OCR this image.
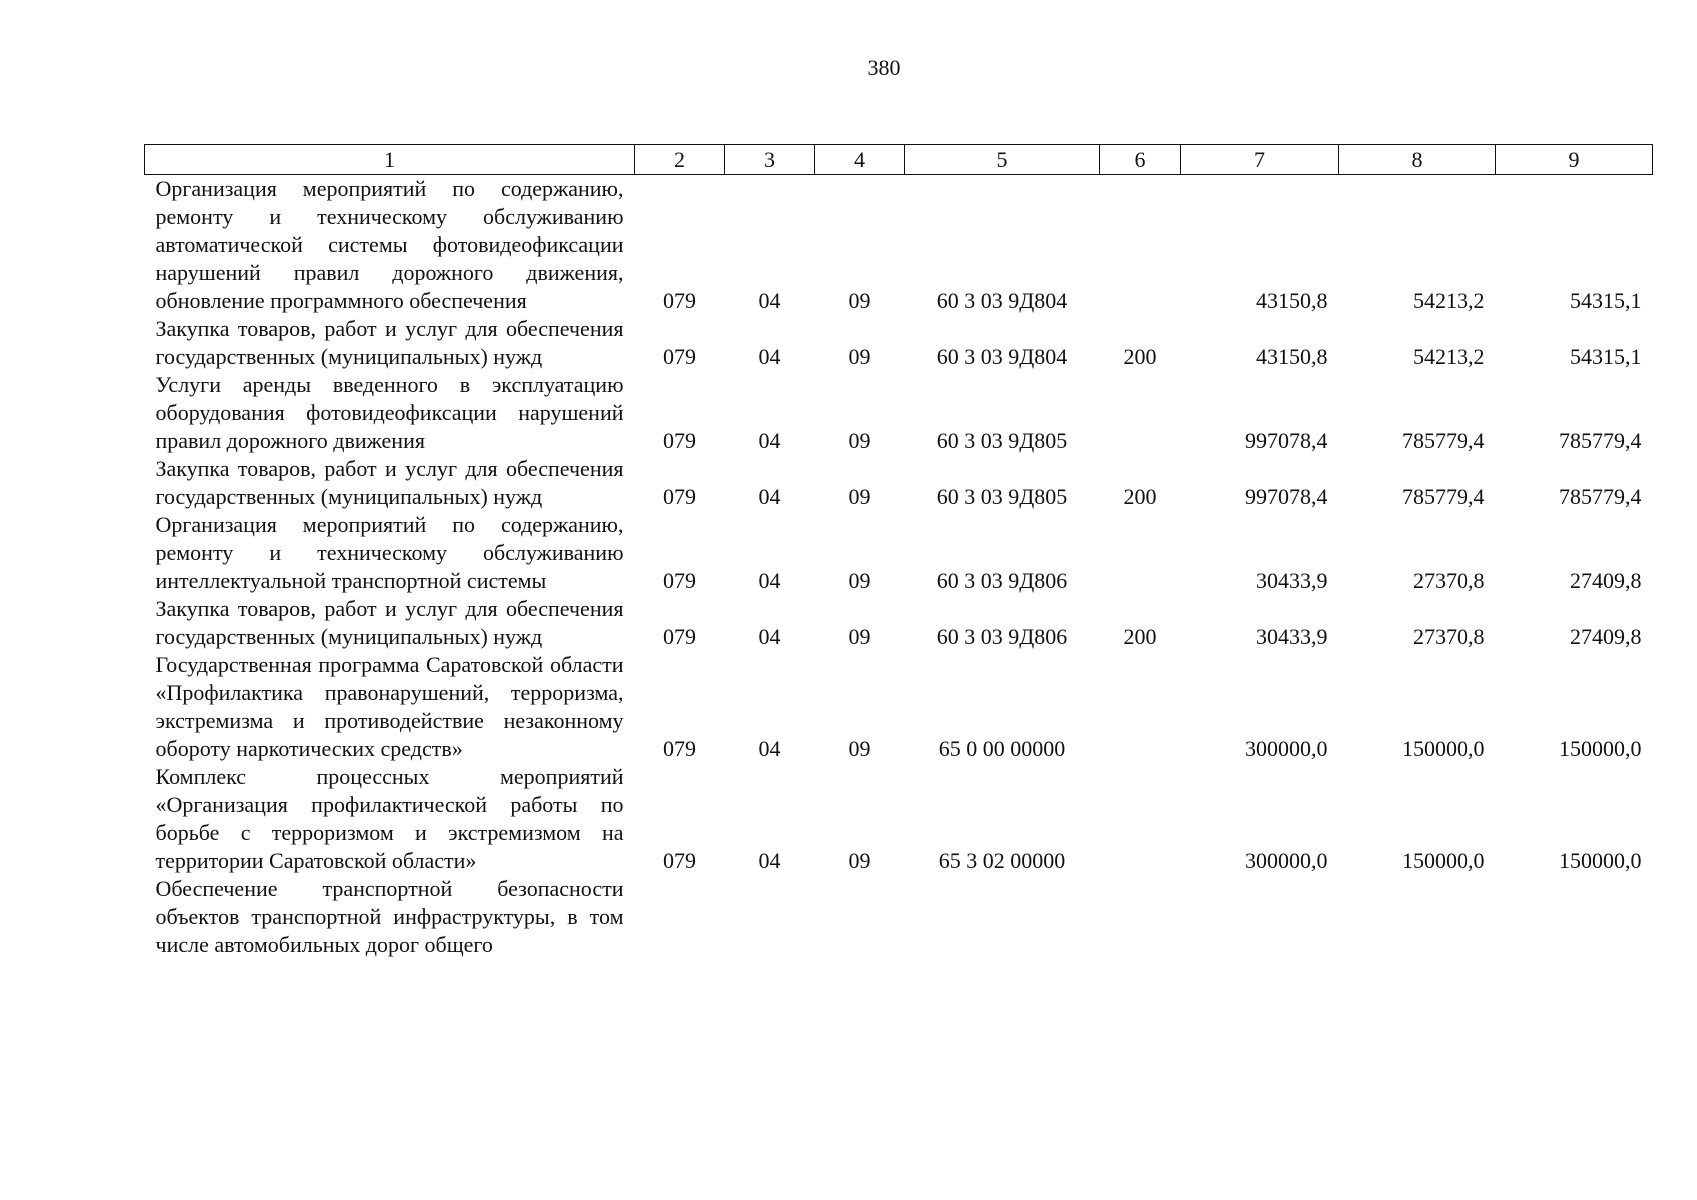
380
1	2	3	4	5	6	7	8	9
Организация мероприятий по содержанию, ремонту и техническому обслуживанию автоматической системы фотовидеофиксации нарушений правил дорожного движения, обновление программного обеспечения	079	04	09	60 3 03 9Д804		43150,8	54213,2	54315,1
Закупка товаров, работ и услуг для обеспечения государственных (муниципальных) нужд	079	04	09	60 3 03 9Д804	200	43150,8	54213,2	54315,1
Услуги аренды введенного в эксплуатацию оборудования фотовидеофиксации нарушений правил дорожного движения	079	04	09	60 3 03 9Д805		997078,4	785779,4	785779,4
Закупка товаров, работ и услуг для обеспечения государственных (муниципальных) нужд	079	04	09	60 3 03 9Д805	200	997078,4	785779,4	785779,4
Организация мероприятий по содержанию, ремонту и техническому обслуживанию интеллектуальной транспортной системы	079	04	09	60 3 03 9Д806		30433,9	27370,8	27409,8
Закупка товаров, работ и услуг для обеспечения государственных (муниципальных) нужд	079	04	09	60 3 03 9Д806	200	30433,9	27370,8	27409,8
Государственная программа Саратовской области «Профилактика правонарушений, терроризма, экстремизма и противодействие незаконному обороту наркотических средств»	079	04	09	65 0 00 00000		300000,0	150000,0	150000,0
Комплекс процессных мероприятий «Организация профилактической работы по борьбе с терроризмом и экстремизмом на территории Саратовской области»	079	04	09	65 3 02 00000		300000,0	150000,0	150000,0
Обеспечение транспортной безопасности объектов транспортной инфраструктуры, в том числе автомобильных дорог общего								
